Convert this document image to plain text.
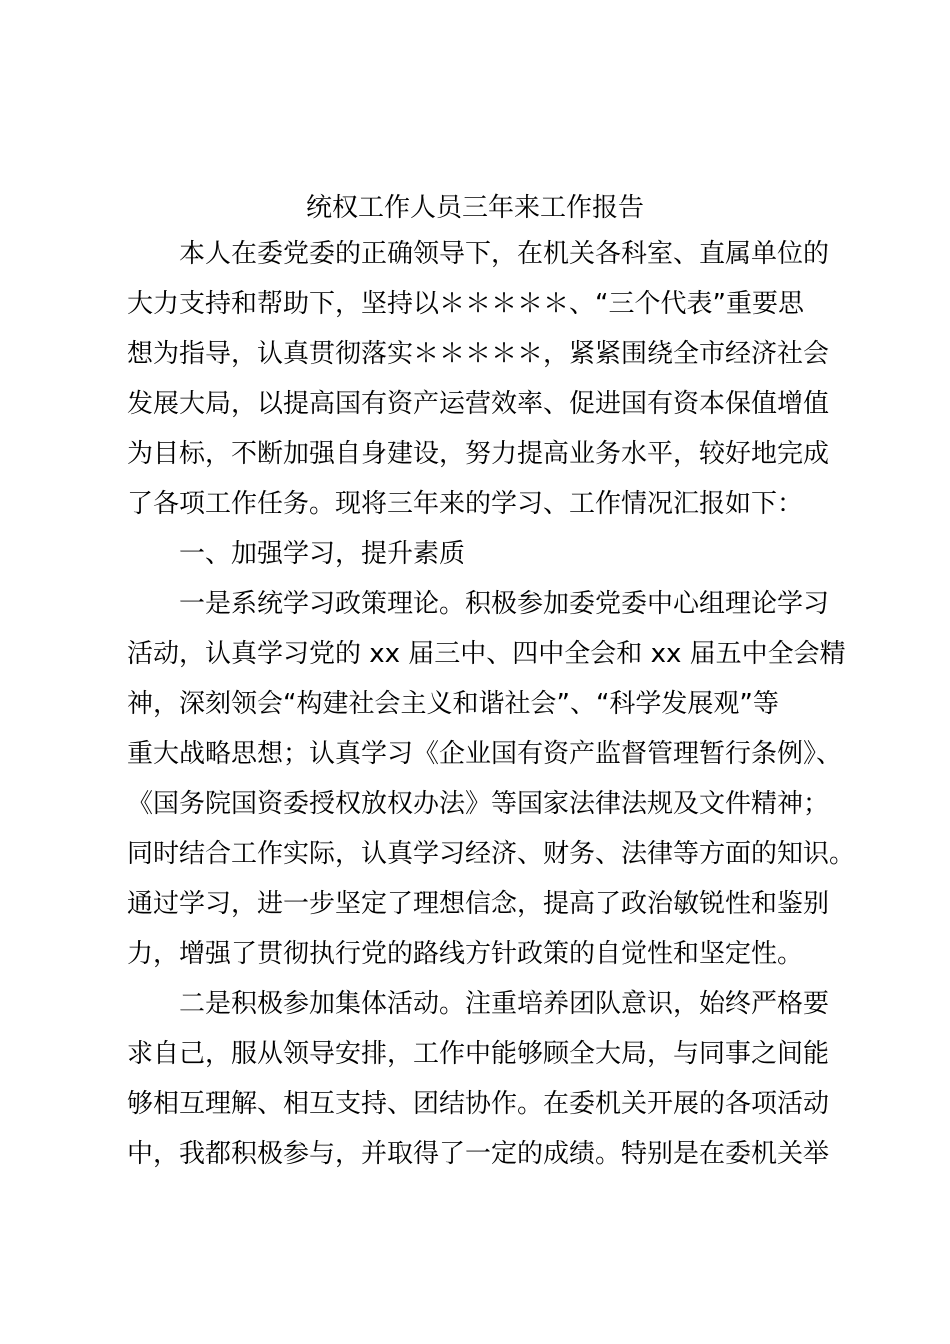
统权工作人员三年来工作报告
本人在委党委的正确领导下，在机关各科室、直属单位的
大力支持和帮助下，坚持以＊＊＊＊＊、“三个代表”重要思
想为指导，认真贯彻落实＊＊＊＊＊，紧紧围绕全市经济社会
发展大局，以提高国有资产运营效率、促进国有资本保值增值
为目标，不断加强自身建设，努力提高业务水平，较好地完成
了各项工作任务。现将三年来的学习、工作情况汇报如下：
一、加强学习，提升素质
一是系统学习政策理论。积极参加委党委中心组理论学习
活动，认真学习党的 xx 届三中、四中全会和 xx 届五中全会精
神，深刻领会“构建社会主义和谐社会”、“科学发展观”等
重大战略思想；认真学习《企业国有资产监督管理暂行条例》、
《国务院国资委授权放权办法》等国家法律法规及文件精神；
同时结合工作实际，认真学习经济、财务、法律等方面的知识。
通过学习，进一步坚定了理想信念，提高了政治敏锐性和鉴别
力，增强了贯彻执行党的路线方针政策的自觉性和坚定性。
二是积极参加集体活动。注重培养团队意识，始终严格要
求自己，服从领导安排，工作中能够顾全大局，与同事之间能
够相互理解、相互支持、团结协作。在委机关开展的各项活动
中，我都积极参与，并取得了一定的成绩。特别是在委机关举
